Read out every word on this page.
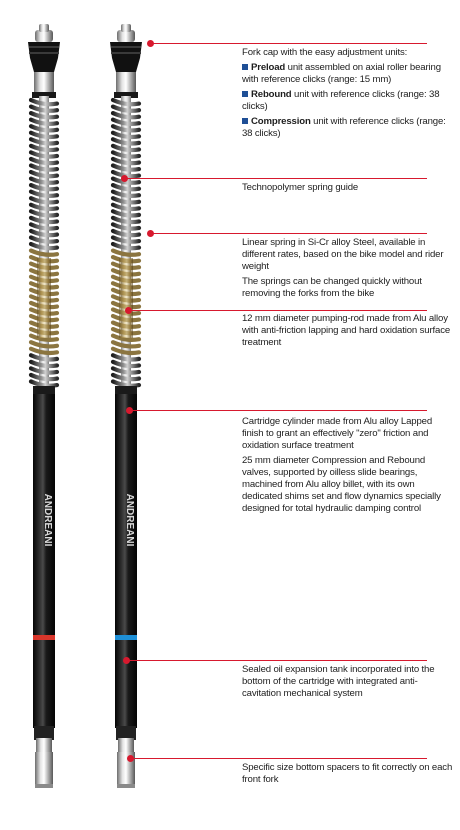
ANDREANI	ANDREANI

Fork cap with the easy adjustment units:

Preload unit assembled on axial roller bearing with reference clicks (range: 15 mm)

Rebound unit with reference clicks (range: 38 clicks)

Compression unit with reference clicks (range: 38 clicks)

Technopolymer spring guide

Linear spring in Si-Cr alloy Steel, available in different rates, based on the bike model and rider weight

The springs can be changed quickly without removing the forks from the bike

12 mm diameter pumping-rod made from Alu alloy with anti-friction lapping and hard oxidation surface treatment

Cartridge cylinder made from Alu alloy Lapped finish to grant an effectively "zero" friction and oxidation surface treatment

25 mm diameter Compression and Rebound valves, supported by oilless slide bearings, machined from Alu alloy billet, with its own dedicated shims set and flow dynamics specially designed for total hydraulic damping control

Sealed oil expansion tank incorporated into the bottom of the cartridge with integrated anti-cavitation mechanical system

Specific size bottom spacers to fit correctly on each front fork
